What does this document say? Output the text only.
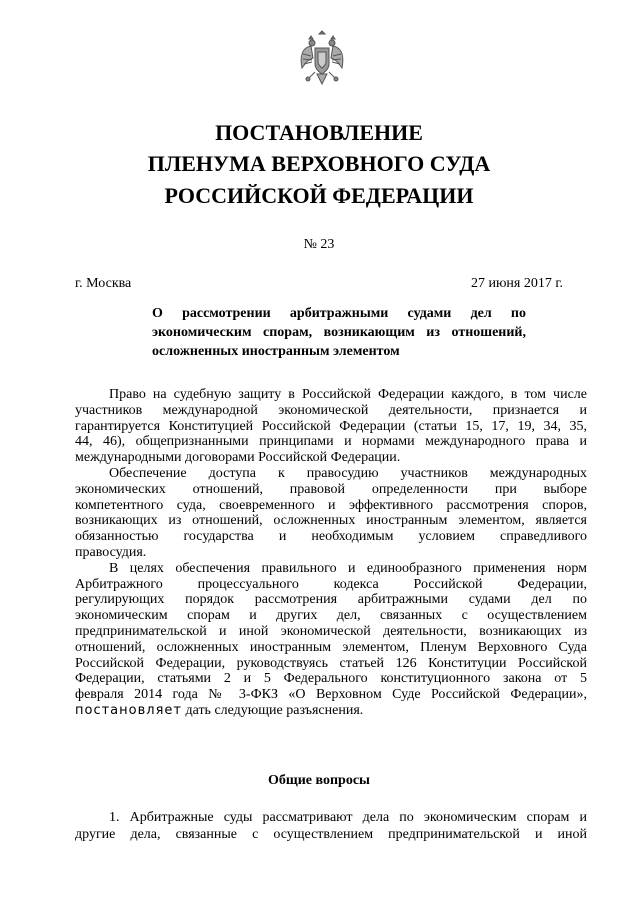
ПОСТАНОВЛЕНИЕ
ПЛЕНУМА ВЕРХОВНОГО СУДА
РОССИЙСКОЙ ФЕДЕРАЦИИ
№ 23
г. Москва	27 июня 2017 г.
О рассмотрении арбитражными судами дел по
экономическим спорам, возникающим из отношений,
осложненных иностранным элементом
Право на судебную защиту в Российской Федерации каждого, в том числе
участников международной экономической деятельности, признается и
гарантируется Конституцией Российской Федерации (статьи 15, 17, 19, 34, 35,
44, 46), общепризнанными принципами и нормами международного права и
международными договорами Российской Федерации.
Обеспечение доступа к правосудию участников международных
экономических отношений, правовой определенности при выборе
компетентного суда, своевременного и эффективного рассмотрения споров,
возникающих из отношений, осложненных иностранным элементом, является
обязанностью государства и необходимым условием справедливого
правосудия.
В целях обеспечения правильного и единообразного применения норм
Арбитражного процессуального кодекса Российской Федерации,
регулирующих порядок рассмотрения арбитражными судами дел по
экономическим спорам и других дел, связанных с осуществлением
предпринимательской и иной экономической деятельности, возникающих из
отношений, осложненных иностранным элементом, Пленум Верховного Суда
Российской Федерации, руководствуясь статьей 126 Конституции Российской
Федерации, статьями 2 и 5 Федерального конституционного закона от 5
февраля 2014 года № 3-ФКЗ «О Верховном Суде Российской Федерации»,
постановляет дать следующие разъяснения.
Общие вопросы
1. Арбитражные суды рассматривают дела по экономическим спорам и
другие дела, связанные с осуществлением предпринимательской и иной
